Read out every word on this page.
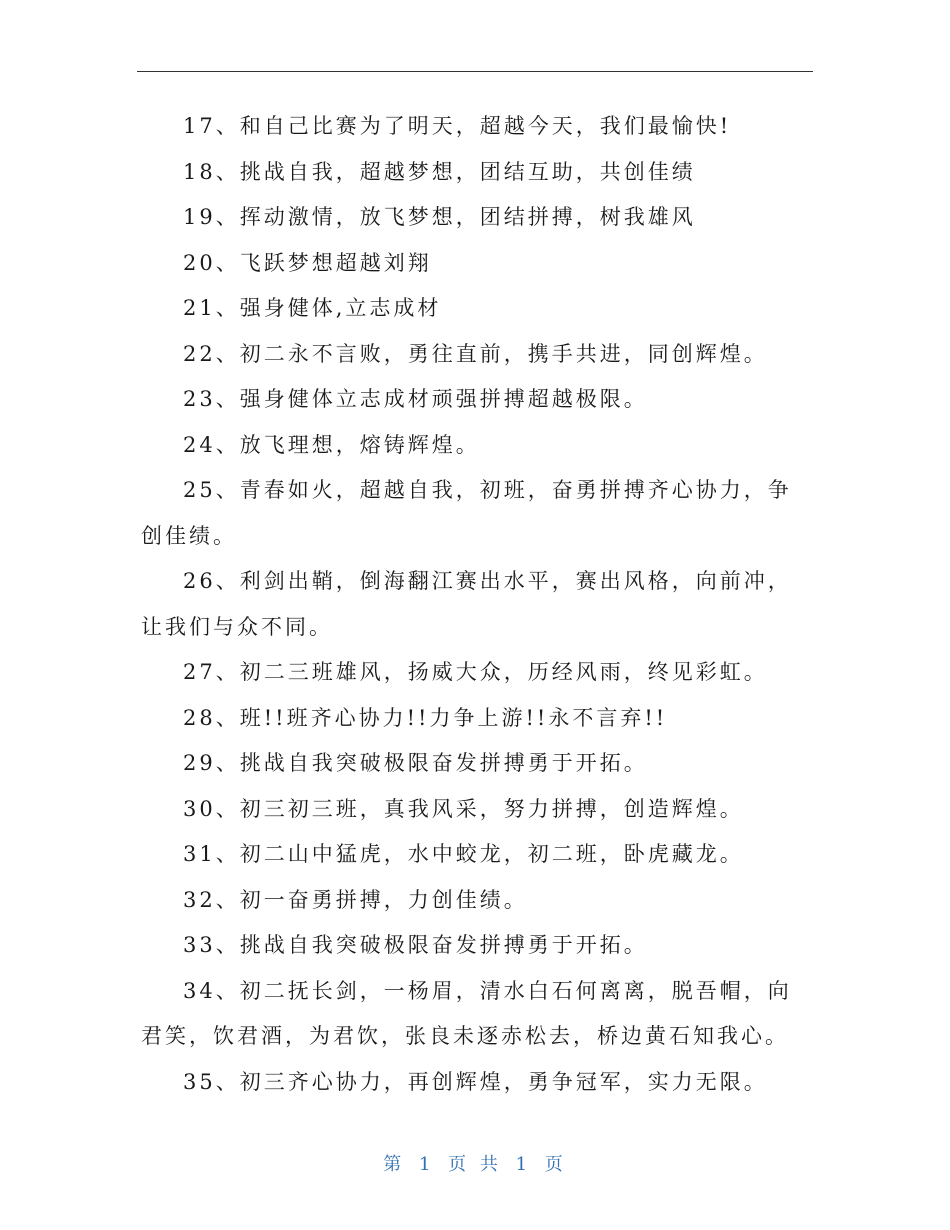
17、和自己比赛为了明天，超越今天，我们最愉快!

18、挑战自我，超越梦想，团结互助，共创佳绩

19、挥动激情，放飞梦想，团结拼搏，树我雄风

20、飞跃梦想超越刘翔

21、强身健体,立志成材

22、初二永不言败，勇往直前，携手共进，同创辉煌。

23、强身健体立志成材顽强拼搏超越极限。

24、放飞理想，熔铸辉煌。

25、青春如火，超越自我，初班，奋勇拼搏齐心协力，争创佳绩。

26、利剑出鞘，倒海翻江赛出水平，赛出风格，向前冲，让我们与众不同。

27、初二三班雄风，扬威大众，历经风雨，终见彩虹。

28、班!!班齐心协力!!力争上游!!永不言弃!!

29、挑战自我突破极限奋发拼搏勇于开拓。

30、初三初三班，真我风采，努力拼搏，创造辉煌。

31、初二山中猛虎，水中蛟龙，初二班，卧虎藏龙。

32、初一奋勇拼搏，力创佳绩。

33、挑战自我突破极限奋发拼搏勇于开拓。

34、初二抚长剑，一杨眉，清水白石何离离，脱吾帽，向君笑，饮君酒，为君饮，张良未逐赤松去，桥边黄石知我心。

35、初三齐心协力，再创辉煌，勇争冠军，实力无限。

第 1 页 共 1 页
